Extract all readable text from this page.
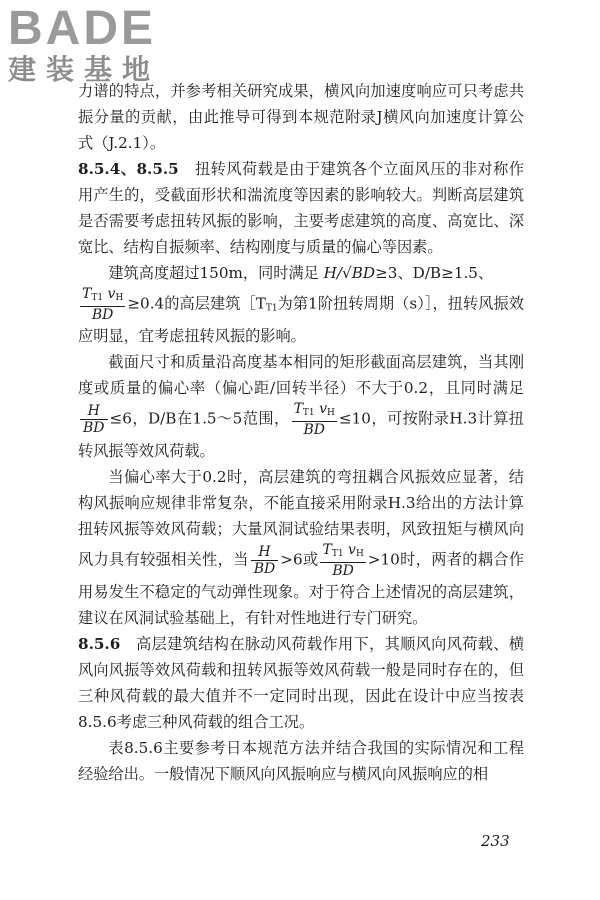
BADE
建装基地

力谱的特点，并参考相关研究成果，横风向加速度响应可只考虑共振分量的贡献，由此推导可得到本规范附录J横风向加速度计算公式（J.2.1）。

8.5.4、8.5.5　 扭转风荷载是由于建筑各个立面风压的非对称作用产生的，受截面形状和湍流度等因素的影响较大。判断高层建筑是否需要考虑扭转风振的影响，主要考虑建筑的高度、高宽比、深宽比、结构自振频率、结构刚度与质量的偏心等因素。

建筑高度超过150m，同时满足 H/√BD≥3、D/B≥1.5、

$\frac{T_{T1} v_H}{BD} \ge 0.4$的高层建筑$[T_{T1}$为第1阶扭转周期（s）］，扭转风振效应明显，宜考虑扭转风振的影响。

截面尺寸和质量沿高度基本相同的矩形截面高层建筑，当其刚度或质量的偏心率（偏心距/回转半径）不大于0.2，且同时满足
$\frac{H}{BD} \le 6$，D/B在1.5～5范围， $\frac{T_{T1} v_H}{BD} \le 10$，可按附录H.3计算扭转风振等效风荷载。

当偏心率大于0.2时，高层建筑的弯扭耦合风振效应显著，结构风振响应规律非常复杂，不能直接采用附录H.3给出的方法计算扭转风振等效风荷载；大量风洞试验结果表明，风致扭矩与横风向风力具有较强相关性，当 $\frac{H}{BD} >6$或 $\frac{T_{T1} v_H}{BD} >10$时，两者的耦合作用易发生不稳定的气动弹性现象。对于符合上述情况的高层建筑，建议在风洞试验基础上，有针对性地进行专门研究。

8.5.6　 高层建筑结构在脉动风荷载作用下，其顺风向风荷载、横风向风振等效风荷载和扭转风振等效风荷载一般是同时存在的，但三种风荷载的最大值并不一定同时出现，因此在设计中应当按表8.5.6考虑三种风荷载的组合工况。

表8.5.6主要参考日本规范方法并结合我国的实际情况和工程经验给出。一般情况下顺风向风振响应与横风向风振响应的相

233
